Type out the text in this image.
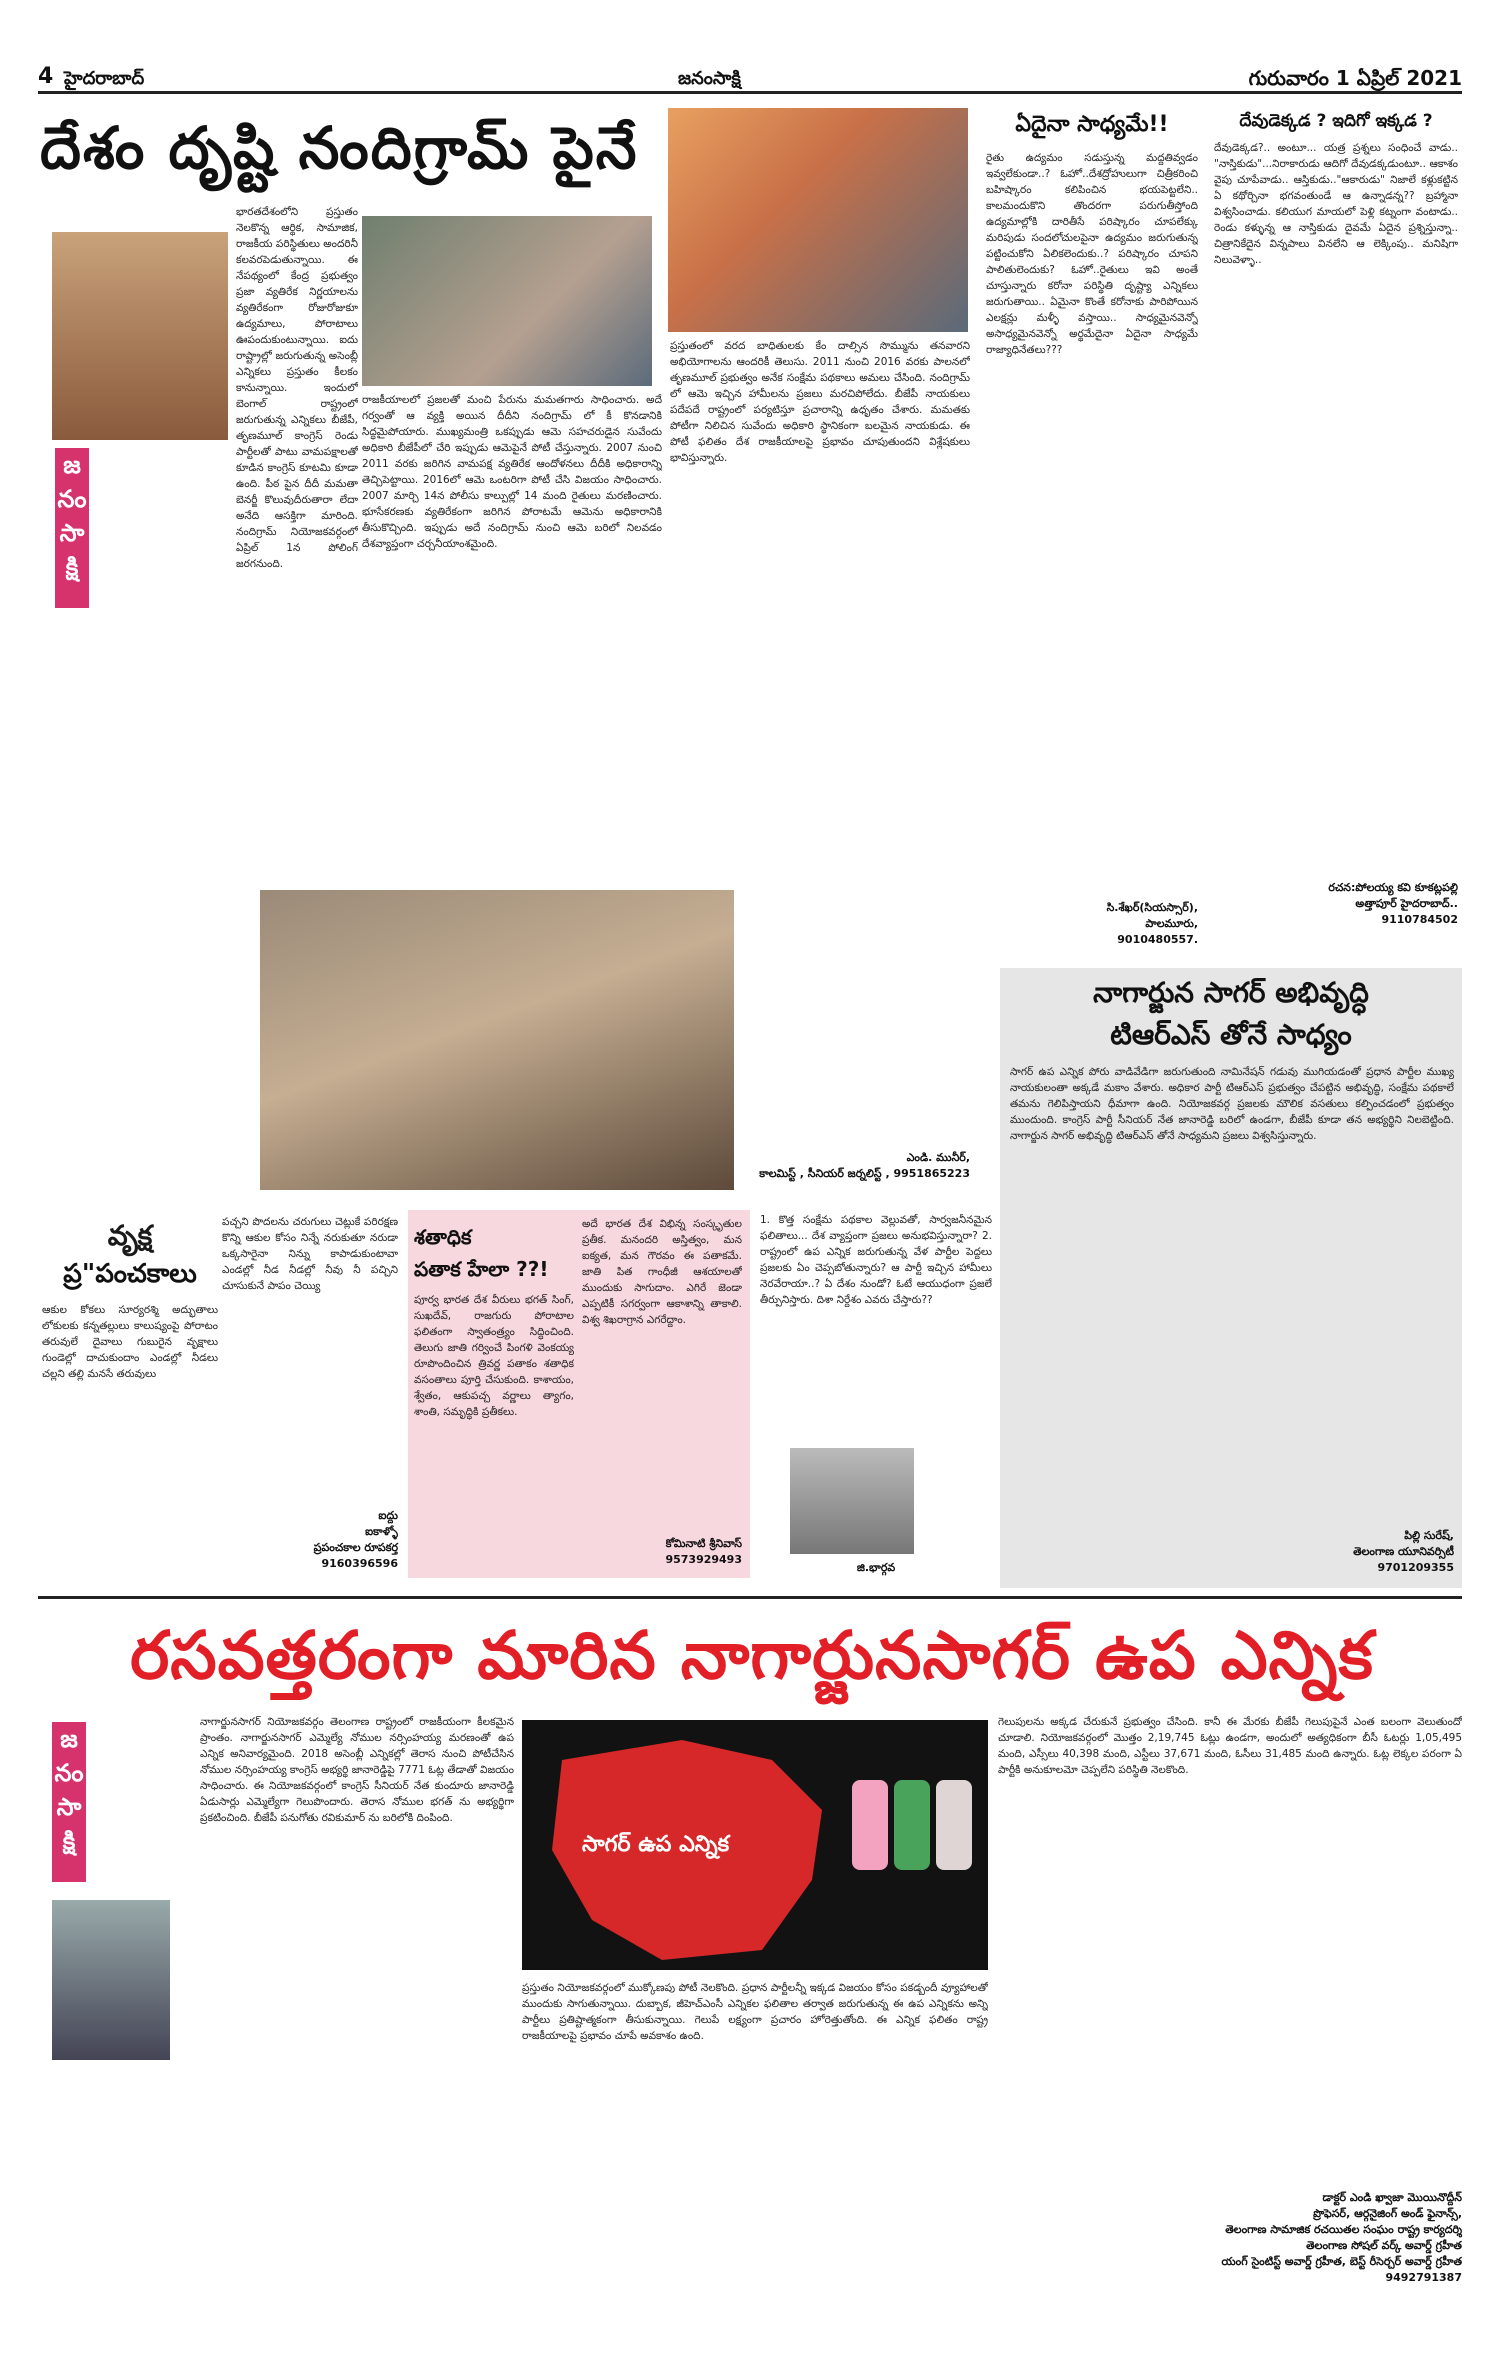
4 హైదరాబాద్	జనంసాక్షి	గురువారం 1 ఏప్రిల్ 2021
దేశం దృష్టి నందిగ్రామ్ పైనే
జ
నం
సా
క్షి
భారతదేశంలోని ప్రస్తుతం నెలకొన్న ఆర్థిక, సామాజిక, రాజకీయ పరిస్థితులు అందరినీ కలవరపెడుతున్నాయి. ఈ నేపథ్యంలో కేంద్ర ప్రభుత్వం ప్రజా వ్యతిరేక నిర్ణయాలను వ్యతిరేకంగా రోజురోజుకూ ఉద్యమాలు, పోరాటాలు ఊపందుకుంటున్నాయి. ఐదు రాష్ట్రాల్లో జరుగుతున్న అసెంబ్లీ ఎన్నికలు ప్రస్తుతం కీలకం కానున్నాయి. ఇందులో బెంగాల్ రాష్ట్రంలో జరుగుతున్న ఎన్నికలు బీజేపీ, తృణమూల్ కాంగ్రెస్ రెండు పార్టీలతో పాటు వామపక్షాలతో కూడిన కాంగ్రెస్ కూటమి కూడా ఉంది. పీఠ పైన దీదీ మమతా బెనర్జీ కొలువుదీరుతారా లేదా అనేది ఆసక్తిగా మారింది. నందిగ్రామ్ నియోజకవర్గంలో ఏప్రిల్ 1న పోలింగ్ జరగనుంది.
రాజకీయాలలో ప్రజలతో మంచి పేరును మమతగారు సాధించారు. అదే గర్వంతో ఆ వ్యక్తి అయిన దీదీని నందిగ్రామ్ లో కీ కొనడానికి సిద్ధమైపోయారు. ముఖ్యమంత్రి ఒకప్పుడు ఆమె సహచరుడైన సువేందు అధికారి బీజేపీలో చేరి ఇప్పుడు ఆమెపైనే పోటీ చేస్తున్నారు. 2007 నుంచి 2011 వరకు జరిగిన వామపక్ష వ్యతిరేక ఆందోళనలు దీదీకి అధికారాన్ని తెచ్చిపెట్టాయి. 2016లో ఆమె ఒంటరిగా పోటీ చేసి విజయం సాధించారు. 2007 మార్చి 14న పోలీసు కాల్పుల్లో 14 మంది రైతులు మరణించారు. భూసేకరణకు వ్యతిరేకంగా జరిగిన పోరాటమే ఆమెను అధికారానికి తీసుకొచ్చింది. ఇప్పుడు అదే నందిగ్రామ్ నుంచి ఆమె బరిలో నిలవడం దేశవ్యాప్తంగా చర్చనీయాంశమైంది.
ప్రస్తుతంలో వరద బాధితులకు కేం దాల్సిన సొమ్మును తనవారని అభియోగాలను ఆందరికీ తెలుసు. 2011 నుంచి 2016 వరకు పాలనలో తృణమూల్ ప్రభుత్వం అనేక సంక్షేమ పథకాలు అమలు చేసింది. నందిగ్రామ్ లో ఆమె ఇచ్చిన హామీలను ప్రజలు మరచిపోలేదు. బీజేపీ నాయకులు పదేపదే రాష్ట్రంలో పర్యటిస్తూ ప్రచారాన్ని ఉధృతం చేశారు. మమతకు పోటీగా నిలిచిన సువేందు అధికారి స్థానికంగా బలమైన నాయకుడు. ఈ పోటీ ఫలితం దేశ రాజకీయాలపై ప్రభావం చూపుతుందని విశ్లేషకులు భావిస్తున్నారు.
ఎండి. మునీర్,
కాలమిస్ట్ , సీనియర్ జర్నలిస్ట్ , 9951865223
ఏదైనా సాధ్యమే!!
రైతు ఉద్యమం సడుస్తున్న మద్దతివ్వడం ఇవ్వలేకుండా..? ఓహో..దేశద్రోహులుగా చిత్రీకరించి బహిష్కారం కలిపించిన భయపెట్టలేని.. కాలమందుకొని తొందరగా పరుగుతీస్తోంది ఉద్యమాల్లోకి దారితీసే పరిష్కారం చూపలేక్కు మరిపుడు సందలోచులపైనా ఉద్యమం జరుగుతున్న పట్టించుకోని ఏలికలెందుకు..? పరిష్కారం చూపని పాలితులెందుకు? ఓహో..రైతులు ఇవి అంతే చూస్తున్నారు కరోనా పరిస్థితి దృష్ట్యా ఎన్నికలు జరుగుతాయి.. ఏమైనా కొంతే కరోనాకు పారిపోయిన ఎలక్షన్లు మళ్ళీ వస్తాయి.. సాధ్యమైనవెన్నో అసాధ్యమైనవెన్నో అర్థమేదైనా ఏదైనా సాధ్యమే రాజ్యాధినేతలు???
సి.శేఖర్(సియస్సార్),
పాలమూరు,
9010480557.
దేవుడెక్కడ ? ఇదిగో ఇక్కడ ?
దేవుడెక్కడ?.. అంటూ... యత్ర ప్రశ్నలు సంధించే వాడు.. "నాస్తికుడు"...నిరాకారుడు ఆదిగో దేవుడక్కడుంటూ.. ఆకాశం వైపు చూపేవాడు.. ఆస్తికుడు.."ఆకారుడు" నిజాలే కళ్లుకట్టిన ఏ కథోర్చినా భగవంతుండే ఆ ఉన్నాడన్న?? బ్రహ్మానా విశ్వసించాడు. కలియుగ మాయలో పెళ్లి కట్నంగా వంటాడు.. రెండు కళ్ళున్న ఆ నాస్తికుడు దైవమే ఏదైన ప్రశ్నిస్తున్నా.. చిత్రానికేదైన విన్నపాలు వినలేని ఆ లెక్కింపు.. మనిషిగా నిలువెళ్ళా..
రచన:పోలయ్య కవి కూకట్లపల్లి
అత్తాపూర్ హైదరాబాద్..
9110784502
నాగార్జున సాగర్ అభివృద్ధి
టిఆర్ఎస్ తోనే సాధ్యం
సాగర్ ఉప ఎన్నిక పోరు వాడివేడిగా జరుగుతుంది నామినేషన్ గడువు ముగియడంతో ప్రధాన పార్టీల ముఖ్య నాయకులంతా అక్కడే మకాం వేశారు. అధికార పార్టీ టిఆర్ఎస్ ప్రభుత్వం చేపట్టిన అభివృద్ధి, సంక్షేమ పథకాలే తమను గెలిపిస్తాయని ధీమాగా ఉంది. నియోజకవర్గ ప్రజలకు మౌలిక వసతులు కల్పించడంలో ప్రభుత్వం ముందుంది. కాంగ్రెస్ పార్టీ సీనియర్ నేత జానారెడ్డి బరిలో ఉండగా, బీజేపీ కూడా తన అభ్యర్థిని నిలబెట్టింది. నాగార్జున సాగర్ అభివృద్ధి టిఆర్ఎస్ తోనే సాధ్యమని ప్రజలు విశ్వసిస్తున్నారు.
పిల్లి సురేష్,
తెలంగాణ యూనివర్సిటీ
9701209355
వృక్ష
ప్ర"పంచకాలు
ఆకుల కోకలు సూర్యరశ్మి అద్భుతాలు లోకులకు కన్నతల్లులు కాలుష్యంపై పోరాటం తరువులే దైవాలు గుబురైన వృక్షాలు గుండెల్లో దాచుకుందాం ఎండల్లో నీడలు చల్లని తల్లి మనసే తరువులు
పచ్చని పొదలను చరుగులు చెట్లుకే పరిరక్షణ కొన్ని ఆకుల కోసం నిన్నే నరుకుతూ నరుడా ఒక్కసారైనా నిన్ను కాపాడుకుంటావా ఎండల్లో నీడ నీడల్లో నీవు నీ పచ్చిని చూసుకునే పాపం చెయ్యి
ఐద్దు
ఐకాళ్ళో
ప్రపంచకాల రూపకర్త
9160396596
శతాధిక
పతాక హేలా ??!
పూర్వ భారత దేశ వీరులు భగత్ సింగ్, సుఖదేవ్, రాజగురు పోరాటాల ఫలితంగా స్వాతంత్ర్యం సిద్ధించింది. తెలుగు జాతి గర్వించే పింగళి వెంకయ్య రూపొందించిన త్రివర్ణ పతాకం శతాధిక వసంతాలు పూర్తి చేసుకుంది. కాశాయం, శ్వేతం, ఆకుపచ్చ వర్ణాలు త్యాగం, శాంతి, సమృద్ధికి ప్రతీకలు.
అదే భారత దేశ విభిన్న సంస్కృతుల ప్రతీక. మనందరి అస్తిత్వం, మన ఐక్యత, మన గౌరవం ఈ పతాకమే. జాతి పిత గాంధీజీ ఆశయాలతో ముందుకు సాగుదాం. ఎగిరే జెండా ఎప్పటికీ సగర్వంగా ఆకాశాన్ని తాకాలి. విశ్వ శిఖరాగ్రాన ఎగరేద్దాం.
కోమినాటి శ్రీనివాస్
9573929493
1. కొత్త సంక్షేమ పథకాల వెల్లువతో, సార్వజనీనమైన ఫలితాలు... దేశ వ్యాప్తంగా ప్రజలు అనుభవిస్తున్నారా? 2. రాష్ట్రంలో ఉప ఎన్నిక జరుగుతున్న వేళ పార్టీల పెద్దలు ప్రజలకు ఏం చెప్పబోతున్నారు? ఆ పార్టీ ఇచ్చిన హామీలు నెరవేరాయా..? ఏ దేశం నుండో? ఓటే ఆయుధంగా ప్రజలే తీర్పునిస్తారు. దిశా నిర్దేశం ఎవరు చేస్తారు??
జి.భార్గవ
రసవత్తరంగా మారిన నాగార్జునసాగర్ ఉప ఎన్నిక
జ
నం
సా
క్షి
నాగార్జునసాగర్ నియోజకవర్గం తెలంగాణ రాష్ట్రంలో రాజకీయంగా కీలకమైన ప్రాంతం. నాగార్జునసాగర్ ఎమ్మెల్యే నోముల నర్సింహయ్య మరణంతో ఉప ఎన్నిక అనివార్యమైంది. 2018 అసెంబ్లీ ఎన్నికల్లో తెరాస నుంచి పోటీచేసిన నోముల నర్సింహయ్య కాంగ్రెస్ అభ్యర్థి జానారెడ్డిపై 7771 ఓట్ల తేడాతో విజయం సాధించారు. ఈ నియోజకవర్గంలో కాంగ్రెస్ సీనియర్ నేత కుందూరు జానారెడ్డి ఏడుసార్లు ఎమ్మెల్యేగా గెలుపొందారు. తెరాస నోముల భగత్ ను అభ్యర్థిగా ప్రకటించింది. బీజేపీ పనుగోతు రవికుమార్ ను బరిలోకి దింపింది.
సాగర్ ఉప ఎన్నిక
ప్రస్తుతం నియోజకవర్గంలో ముక్కోణపు పోటీ నెలకొంది. ప్రధాన పార్టీలన్నీ ఇక్కడ విజయం కోసం పకడ్బందీ వ్యూహాలతో ముందుకు సాగుతున్నాయి. దుబ్బాక, జీహెచ్ఎంసీ ఎన్నికల ఫలితాల తర్వాత జరుగుతున్న ఈ ఉప ఎన్నికను అన్ని పార్టీలు ప్రతిష్టాత్మకంగా తీసుకున్నాయి. గెలుపే లక్ష్యంగా ప్రచారం హోరెత్తుతోంది. ఈ ఎన్నిక ఫలితం రాష్ట్ర రాజకీయాలపై ప్రభావం చూపే అవకాశం ఉంది.
గెలుపులను అక్కడ చేరుకునే ప్రభుత్వం చేసింది. కానీ ఈ మేరకు బీజేపీ గెలుపుపైనే ఎంత బలంగా వెలుతుందో చూడాలి. నియోజకవర్గంలో మొత్తం 2,19,745 ఓట్లు ఉండగా, అందులో అత్యధికంగా బీసీ ఓటర్లు 1,05,495 మంది, ఎస్సీలు 40,398 మంది, ఎస్టీలు 37,671 మంది, ఓసీలు 31,485 మంది ఉన్నారు. ఓట్ల లెక్కల పరంగా ఏ పార్టీకి అనుకూలమో చెప్పలేని పరిస్థితి నెలకొంది.
డాక్టర్ ఎండి ఖ్వాజా మొయినొద్దీన్
ప్రొఫెసర్, ఆర్గనైజింగ్ అండ్ ఫైనాన్స్,
తెలంగాణ సామాజిక రచయితల సంఘం రాష్ట్ర కార్యదర్శి
తెలంగాణ సోషల్ వర్క్ అవార్డ్ గ్రహీత
యంగ్ సైంటిస్ట్ అవార్డ్ గ్రహీత, బెస్ట్ రీసెర్చర్ అవార్డ్ గ్రహీత
9492791387
